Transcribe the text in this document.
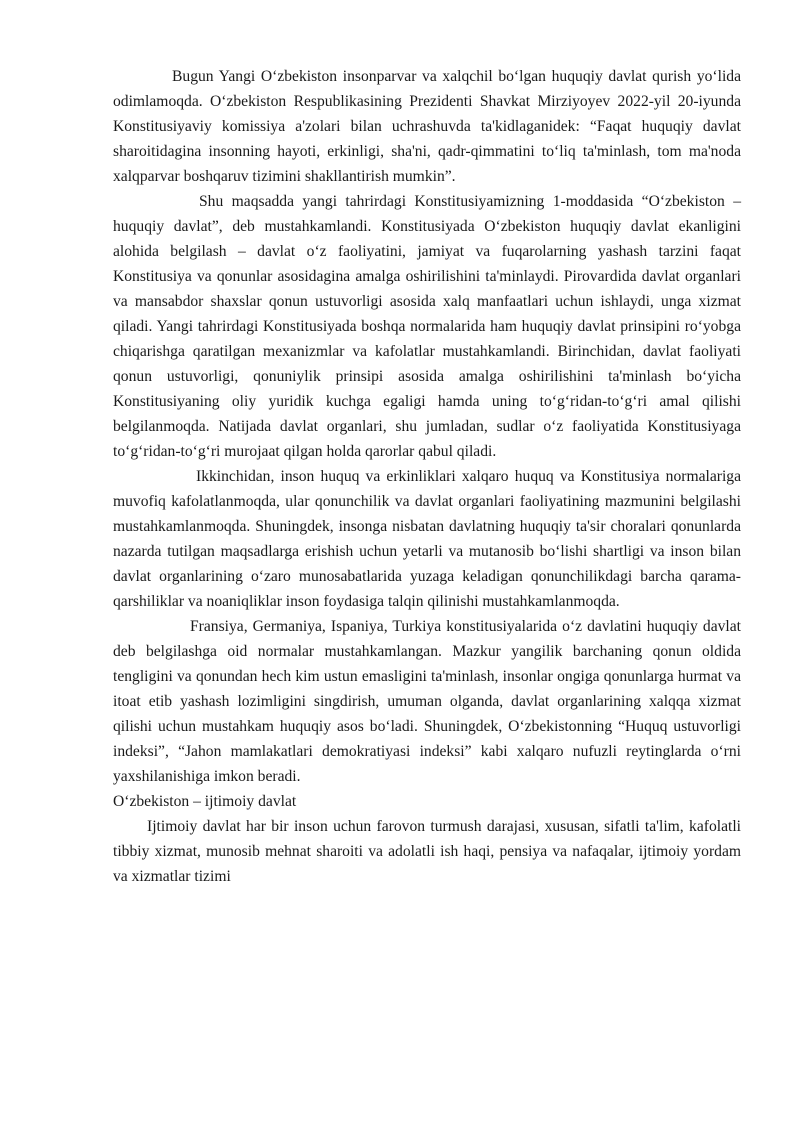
Bugun Yangi O‘zbekiston insonparvar va xalqchil bo‘lgan huquqiy davlat qurish yo‘lida odimlamoqda. O‘zbekiston Respublikasining Prezidenti Shavkat Mirziyoyev 2022-yil 20-iyunda Konstitusiyaviy komissiya a'zolari bilan uchrashuvda ta'kidlaganidek: “Faqat huquqiy davlat sharoitidagina insonning hayoti, erkinligi, sha'ni, qadr-qimmatini to‘liq ta'minlash, tom ma'noda xalqparvar boshqaruv tizimini shakllantirish mumkin”.

Shu maqsadda yangi tahrirdagi Konstitusiyamizning 1-moddasida “O‘zbekiston – huquqiy davlat”, deb mustahkamlandi. Konstitusiyada O‘zbekiston huquqiy davlat ekanligini alohida belgilash – davlat o‘z faoliyatini, jamiyat va fuqarolarning yashash tarzini faqat Konstitusiya va qonunlar asosidagina amalga oshirilishini ta'minlaydi. Pirovardida davlat organlari va mansabdor shaxslar qonun ustuvorligi asosida xalq manfaatlari uchun ishlaydi, unga xizmat qiladi. Yangi tahrirdagi Konstitusiyada boshqa normalarida ham huquqiy davlat prinsipini ro‘yobga chiqarishga qaratilgan mexanizmlar va kafolatlar mustahkamlandi. Birinchidan, davlat faoliyati qonun ustuvorligi, qonuniylik prinsipi asosida amalga oshirilishini ta'minlash bo‘yicha Konstitusiyaning oliy yuridik kuchga egaligi hamda uning to‘g‘ridan-to‘g‘ri amal qilishi belgilanmoqda. Natijada davlat organlari, shu jumladan, sudlar o‘z faoliyatida Konstitusiyaga to‘g‘ridan-to‘g‘ri murojaat qilgan holda qarorlar qabul qiladi.

Ikkinchidan, inson huquq va erkinliklari xalqaro huquq va Konstitusiya normalariga muvofiq kafolatlanmoqda, ular qonunchilik va davlat organlari faoliyatining mazmunini belgilashi mustahkamlanmoqda. Shuningdek, insonga nisbatan davlatning huquqiy ta'sir choralari qonunlarda nazarda tutilgan maqsadlarga erishish uchun yetarli va mutanosib bo‘lishi shartligi va inson bilan davlat organlarining o‘zaro munosabatlarida yuzaga keladigan qonunchilikdagi barcha qarama-qarshiliklar va noaniqliklar inson foydasiga talqin qilinishi mustahkamlanmoqda.

Fransiya, Germaniya, Ispaniya, Turkiya konstitusiyalarida o‘z davlatini huquqiy davlat deb belgilashga oid normalar mustahkamlangan. Mazkur yangilik barchaning qonun oldida tengligini va qonundan hech kim ustun emasligini ta'minlash, insonlar ongiga qonunlarga hurmat va itoat etib yashash lozimligini singdirish, umuman olganda, davlat organlarining xalqqa xizmat qilishi uchun mustahkam huquqiy asos bo‘ladi. Shuningdek, O‘zbekistonning “Huquq ustuvorligi indeksi”, “Jahon mamlakatlari demokratiyasi indeksi” kabi xalqaro nufuzli reytinglarda o‘rni yaxshilanishiga imkon beradi.

O‘zbekiston – ijtimoiy davlat

Ijtimoiy davlat har bir inson uchun farovon turmush darajasi, xususan, sifatli ta'lim, kafolatli tibbiy xizmat, munosib mehnat sharoiti va adolatli ish haqi, pensiya va nafaqalar, ijtimoiy yordam va xizmatlar tizimi
